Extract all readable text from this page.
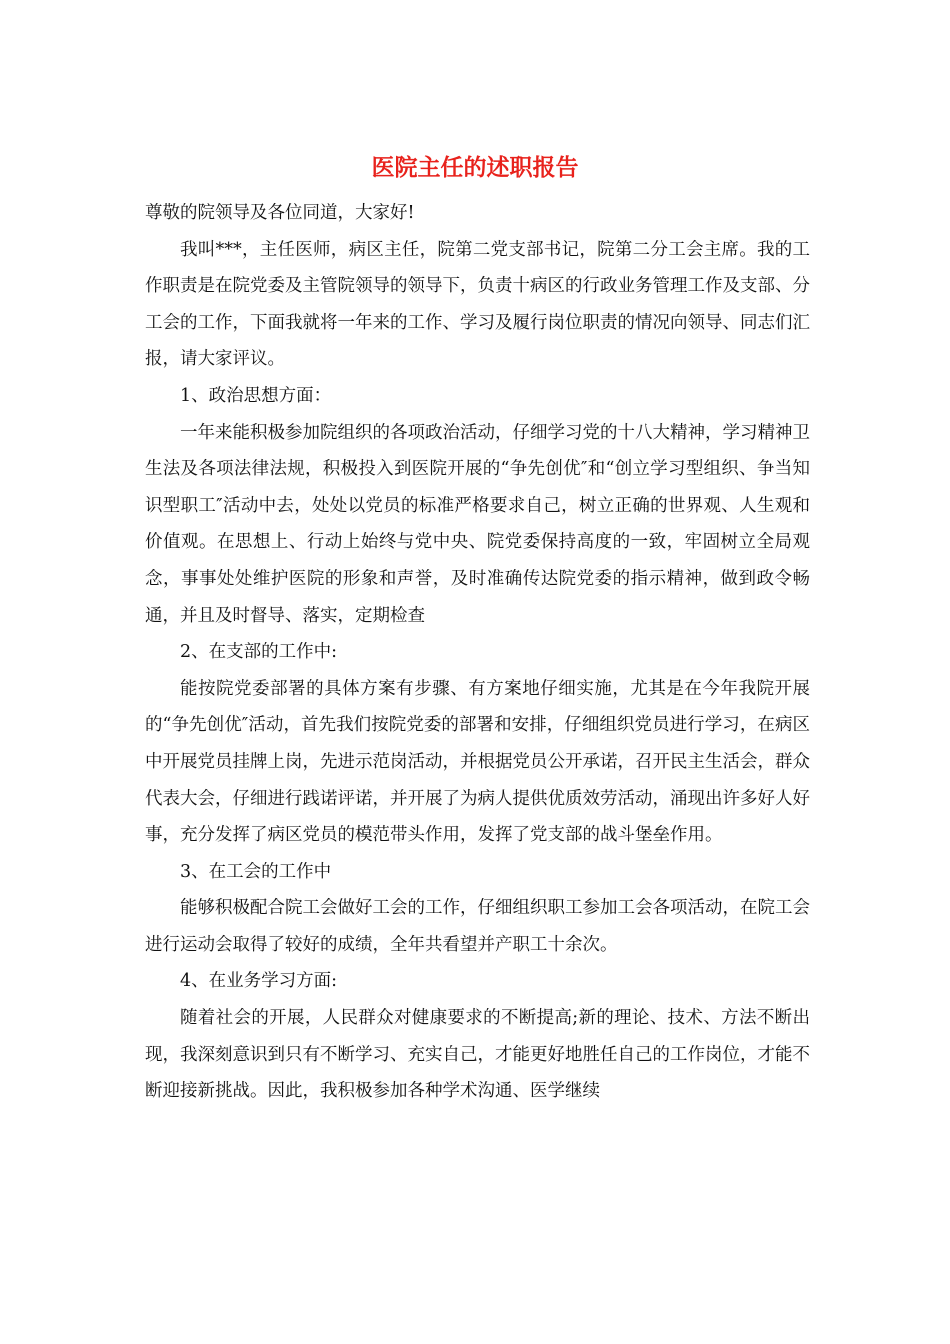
医院主任的述职报告

尊敬的院领导及各位同道，大家好!

我叫***，主任医师，病区主任，院第二党支部书记，院第二分工会主席。我的工作职责是在院党委及主管院领导的领导下，负责十病区的行政业务管理工作及支部、分工会的工作，下面我就将一年来的工作、学习及履行岗位职责的情况向领导、同志们汇报，请大家评议。

1、政治思想方面：

一年来能积极参加院组织的各项政治活动，仔细学习党的十八大精神，学习精神卫生法及各项法律法规，积极投入到医院开展的“争先创优″和“创立学习型组织、争当知识型职工″活动中去，处处以党员的标准严格要求自己，树立正确的世界观、人生观和价值观。在思想上、行动上始终与党中央、院党委保持高度的一致，牢固树立全局观念，事事处处维护医院的形象和声誉，及时准确传达院党委的指示精神，做到政令畅通，并且及时督导、落实，定期检查

2、在支部的工作中:

能按院党委部署的具体方案有步骤、有方案地仔细实施，尤其是在今年我院开展的“争先创优″活动，首先我们按院党委的部署和安排，仔细组织党员进行学习，在病区中开展党员挂牌上岗，先进示范岗活动，并根据党员公开承诺，召开民主生活会，群众代表大会，仔细进行践诺评诺，并开展了为病人提供优质效劳活动，涌现出许多好人好事，充分发挥了病区党员的模范带头作用，发挥了党支部的战斗堡垒作用。

3、在工会的工作中

能够积极配合院工会做好工会的工作，仔细组织职工参加工会各项活动，在院工会进行运动会取得了较好的成绩，全年共看望并产职工十余次。

4、在业务学习方面:

随着社会的开展，人民群众对健康要求的不断提高;新的理论、技术、方法不断出现，我深刻意识到只有不断学习、充实自己，才能更好地胜任自己的工作岗位，才能不断迎接新挑战。因此，我积极参加各种学术沟通、医学继续
